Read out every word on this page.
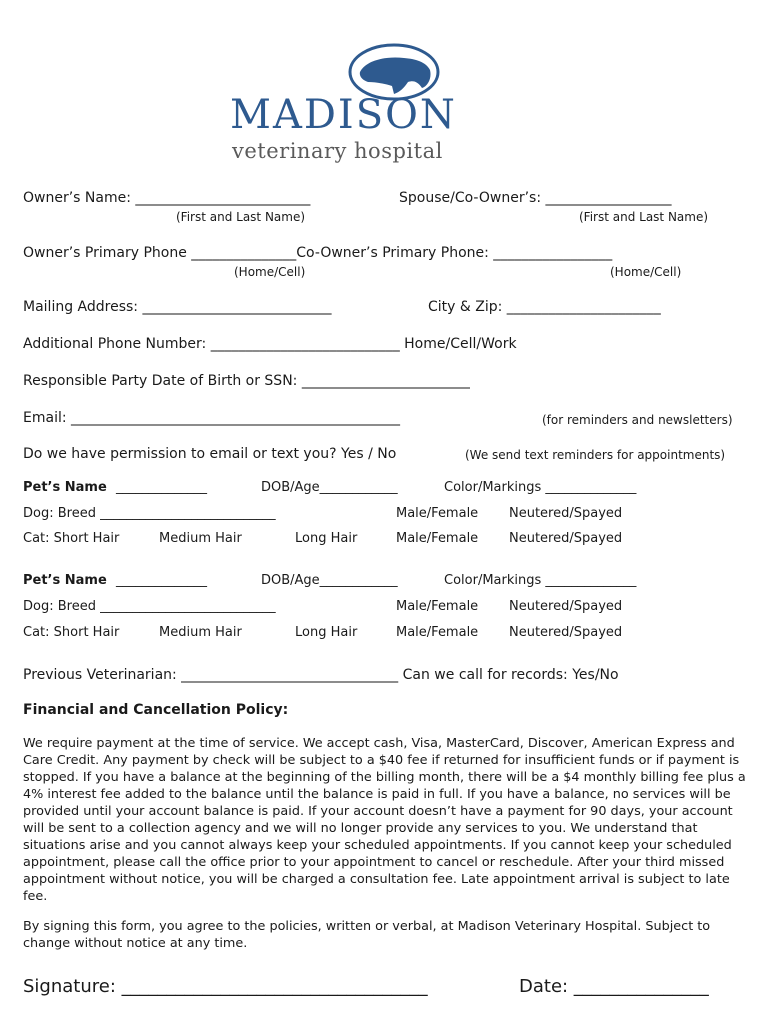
MADISON
veterinary hospital
Owner’s Name: _________________________	Spouse/Co-Owner’s: __________________
(First and Last Name)	(First and Last Name)
Owner’s Primary Phone _______________Co-Owner’s Primary Phone: _________________
(Home/Cell)	(Home/Cell)
Mailing Address: ___________________________	City & Zip: ______________________
Additional Phone Number: ___________________________ Home/Cell/Work
Responsible Party Date of Birth or SSN: ________________________
Email: _______________________________________________	(for reminders and newsletters)
Do we have permission to email or text you? Yes / No	(We send text reminders for appointments)
Pet’s Name ______________	DOB/Age____________	Color/Markings ______________
Dog: Breed ___________________________	Male/Female Neutered/Spayed
Cat: Short Hair	Medium Hair	Long Hair	Male/Female Neutered/Spayed
Pet’s Name ______________	DOB/Age____________	Color/Markings ______________
Dog: Breed ___________________________	Male/Female Neutered/Spayed
Cat: Short Hair	Medium Hair	Long Hair	Male/Female Neutered/Spayed
Previous Veterinarian: _______________________________ Can we call for records: Yes/No
Financial and Cancellation Policy:
We require payment at the time of service. We accept cash, Visa, MasterCard, Discover, American Express and Care Credit. Any payment by check will be subject to a $40 fee if returned for insufficient funds or if payment is stopped. If you have a balance at the beginning of the billing month, there will be a $4 monthly billing fee plus a 4% interest fee added to the balance until the balance is paid in full. If you have a balance, no services will be provided until your account balance is paid. If your account doesn’t have a payment for 90 days, your account will be sent to a collection agency and we will no longer provide any services to you. We understand that situations arise and you cannot always keep your scheduled appointments. If you cannot keep your scheduled appointment, please call the office prior to your appointment to cancel or reschedule. After your third missed appointment without notice, you will be charged a consultation fee. Late appointment arrival is subject to late fee.
By signing this form, you agree to the policies, written or verbal, at Madison Veterinary Hospital. Subject to change without notice at any time.
Signature: __________________________________	Date: _______________
